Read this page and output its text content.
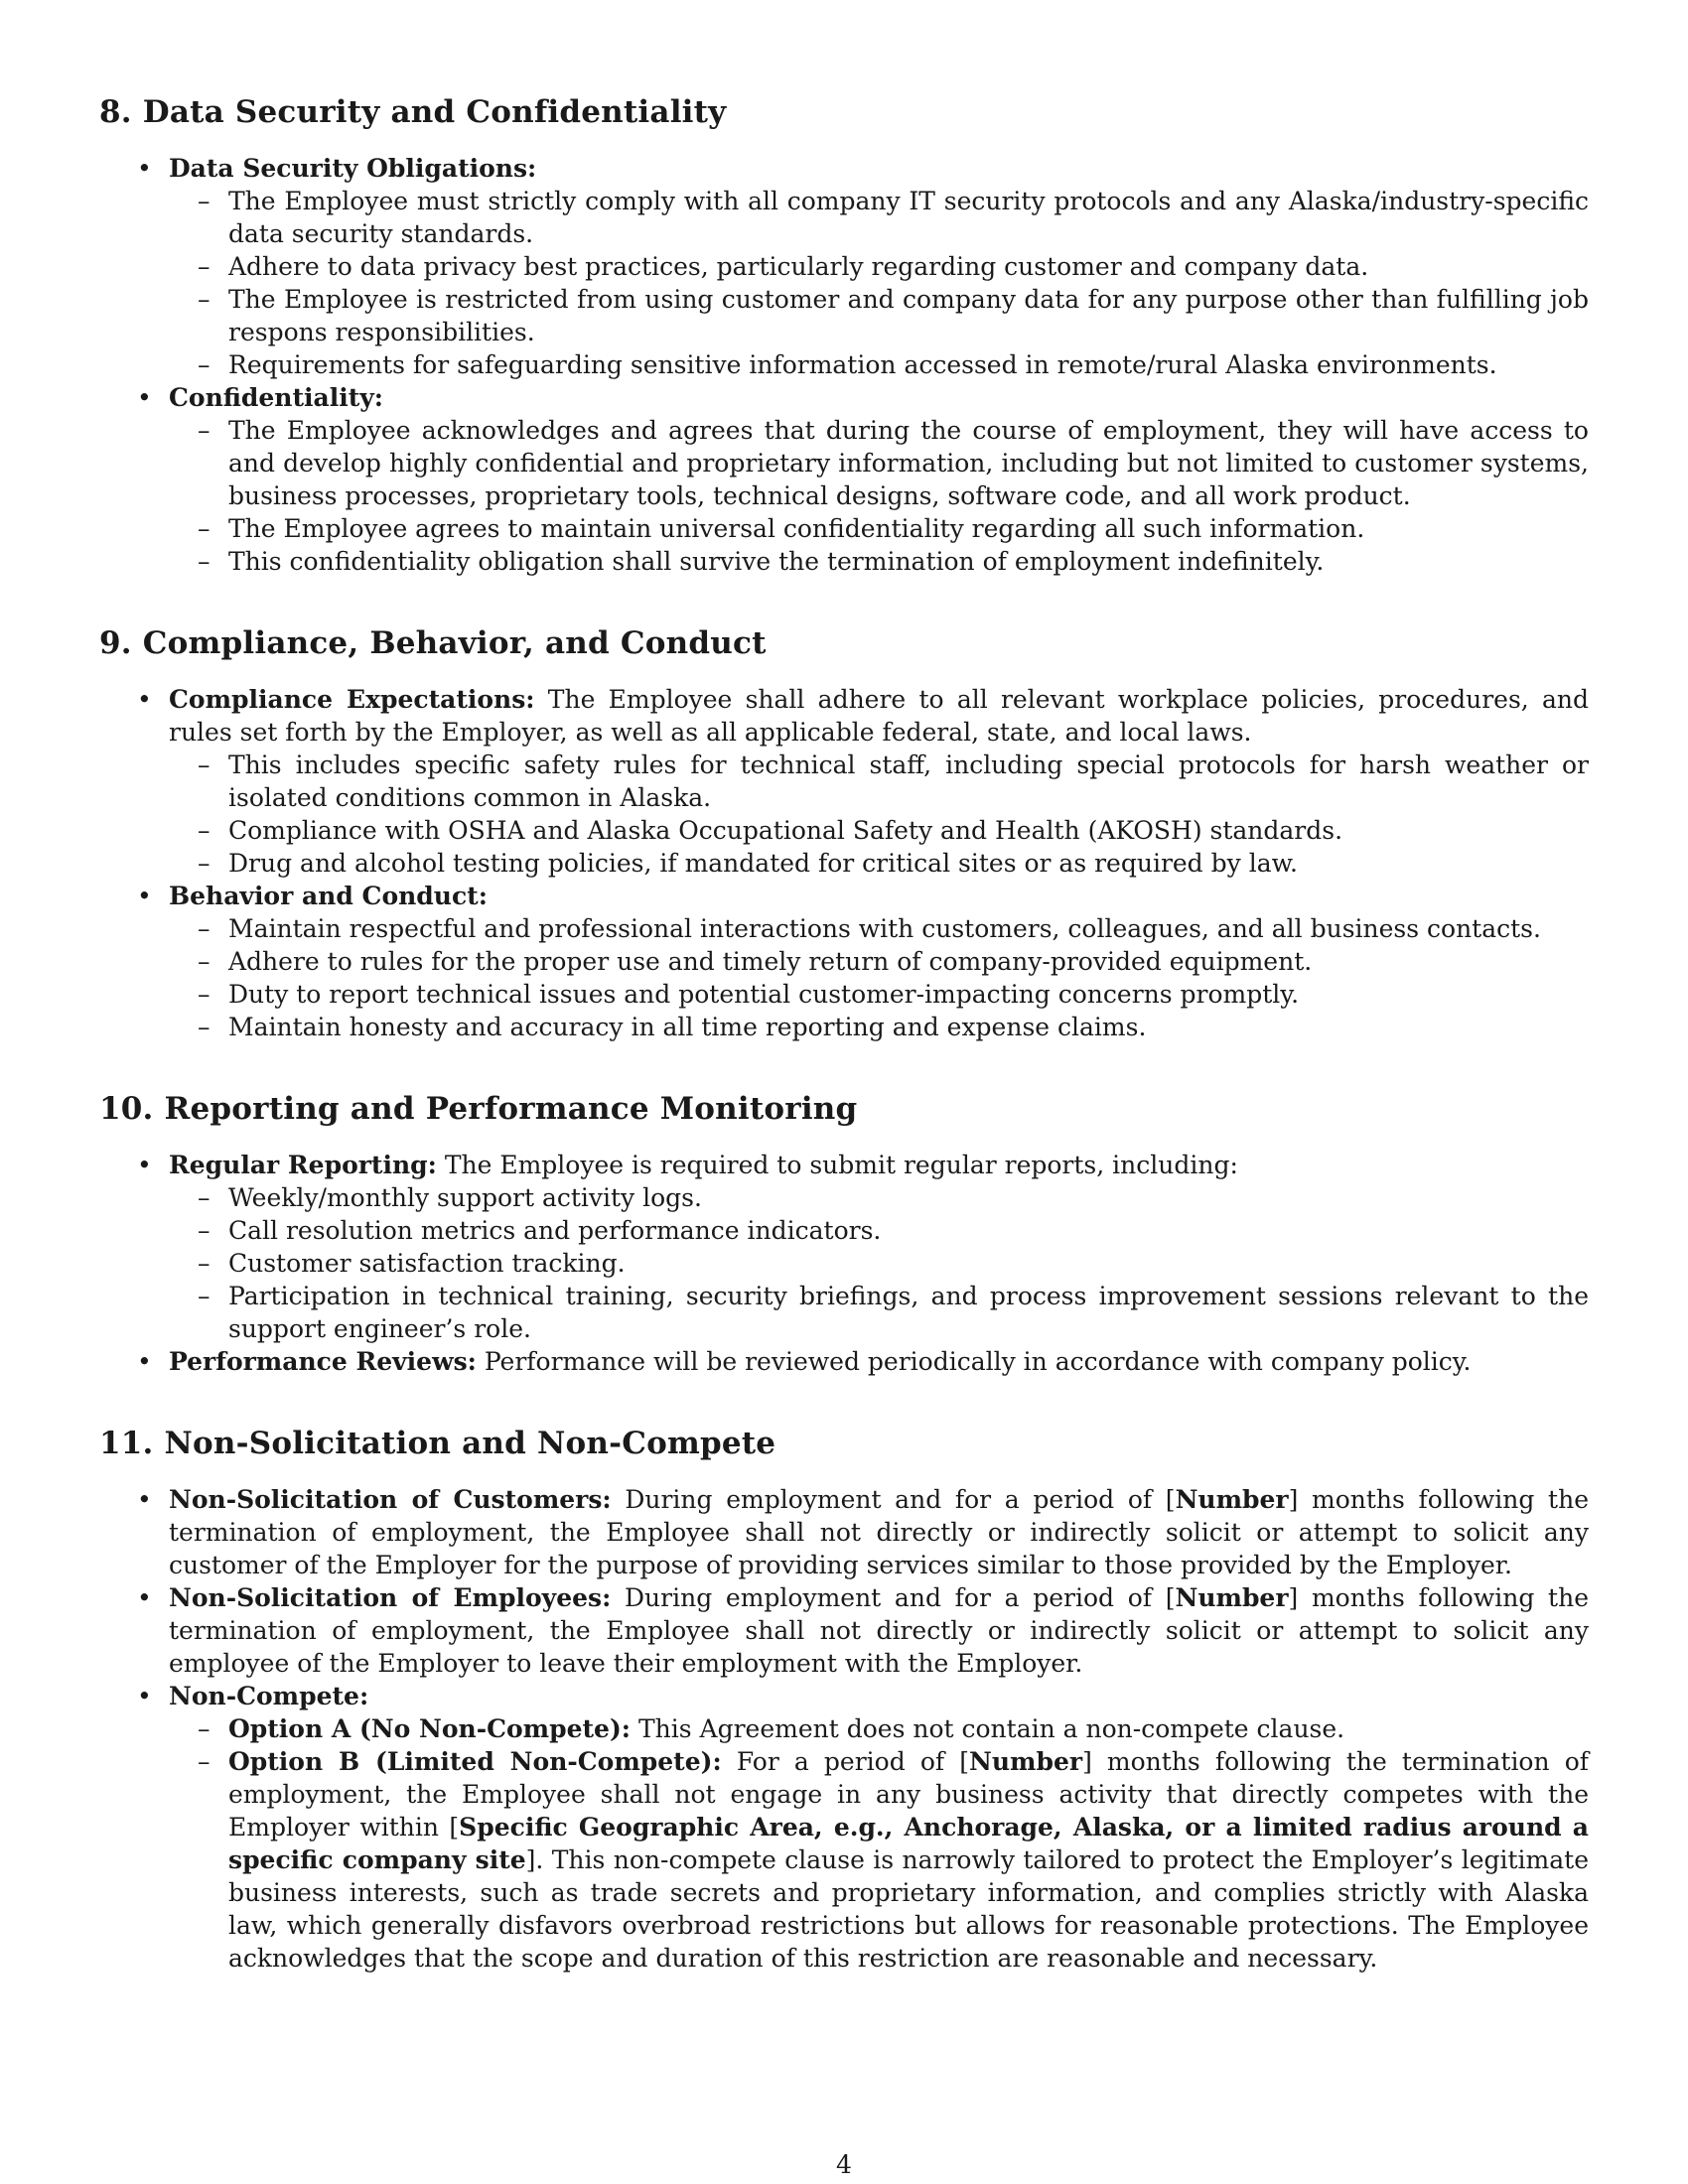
8. Data Security and Confidentiality
• Data Security Obligations:
– The Employee must strictly comply with all company IT security protocols and any Alaska/industry-specific data security standards.
– Adhere to data privacy best practices, particularly regarding customer and company data.
– The Employee is restricted from using customer and company data for any purpose other than fulfilling job respons responsibilities.
– Requirements for safeguarding sensitive information accessed in remote/rural Alaska environments.
• Confidentiality:
– The Employee acknowledges and agrees that during the course of employment, they will have access to and develop highly confidential and proprietary information, including but not limited to customer systems, business processes, proprietary tools, technical designs, software code, and all work product.
– The Employee agrees to maintain universal confidentiality regarding all such information.
– This confidentiality obligation shall survive the termination of employment indefinitely.
9. Compliance, Behavior, and Conduct
• Compliance Expectations: The Employee shall adhere to all relevant workplace policies, procedures, and rules set forth by the Employer, as well as all applicable federal, state, and local laws.
– This includes specific safety rules for technical staff, including special protocols for harsh weather or isolated conditions common in Alaska.
– Compliance with OSHA and Alaska Occupational Safety and Health (AKOSH) standards.
– Drug and alcohol testing policies, if mandated for critical sites or as required by law.
• Behavior and Conduct:
– Maintain respectful and professional interactions with customers, colleagues, and all business contacts.
– Adhere to rules for the proper use and timely return of company-provided equipment.
– Duty to report technical issues and potential customer-impacting concerns promptly.
– Maintain honesty and accuracy in all time reporting and expense claims.
10. Reporting and Performance Monitoring
• Regular Reporting: The Employee is required to submit regular reports, including:
– Weekly/monthly support activity logs.
– Call resolution metrics and performance indicators.
– Customer satisfaction tracking.
– Participation in technical training, security briefings, and process improvement sessions relevant to the support engineer’s role.
• Performance Reviews: Performance will be reviewed periodically in accordance with company policy.
11. Non-Solicitation and Non-Compete
• Non-Solicitation of Customers: During employment and for a period of [Number] months following the termination of employment, the Employee shall not directly or indirectly solicit or attempt to solicit any customer of the Employer for the purpose of providing services similar to those provided by the Employer.
• Non-Solicitation of Employees: During employment and for a period of [Number] months following the termination of employment, the Employee shall not directly or indirectly solicit or attempt to solicit any employee of the Employer to leave their employment with the Employer.
• Non-Compete:
– Option A (No Non-Compete): This Agreement does not contain a non-compete clause.
– Option B (Limited Non-Compete): For a period of [Number] months following the termination of employment, the Employee shall not engage in any business activity that directly competes with the Employer within [Specific Geographic Area, e.g., Anchorage, Alaska, or a limited radius around a specific company site]. This non-compete clause is narrowly tailored to protect the Employer’s legitimate business interests, such as trade secrets and proprietary information, and complies strictly with Alaska law, which generally disfavors overbroad restrictions but allows for reasonable protections. The Employee acknowledges that the scope and duration of this restriction are reasonable and necessary.
4
